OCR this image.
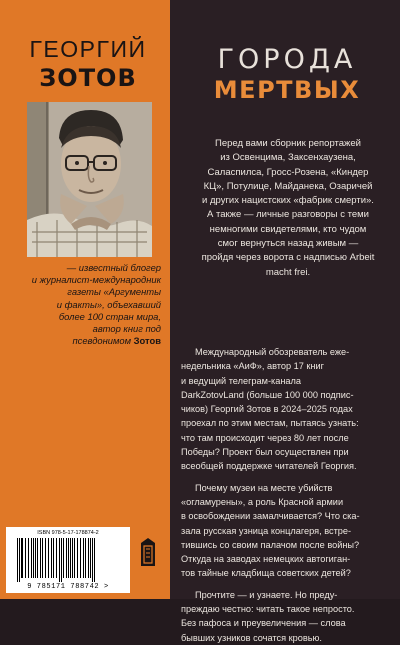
ГЕОРГИЙ
ЗОТОВ
— известный блогер
и журналист-международник
газеты «Аргументы
и факты», объехавший
более 100 стран мира,
автор книг под
псевдонимом Зотов
ISBN 978-5-17-178874-2
9 785171 788742 >
ГОРОДА
МЕРТВЫХ
Перед вами сборник репортажей
из Освенцима, Заксенхаузена,
Саласпилса, Гросс-Розена, «Киндер
КЦ», Потулице, Майданека, Озаричей
и других нацистских «фабрик смерти».
А также — личные разговоры с теми
немногими свидетелями, кто чудом
смог вернуться назад живым —
пройдя через ворота с надписью Arbeit
macht frei.
Международный обозреватель еже-
недельника «АиФ», автор 17 книг
и ведущий телеграм-канала
DarkZotovLand (больше 100 000 подпис-
чиков) Георгий Зотов в 2024–2025 годах
проехал по этим местам, пытаясь узнать:
что там происходит через 80 лет после
Победы? Проект был осуществлен при
всеобщей поддержке читателей Георгия.
Почему музеи на месте убийств
«огламурены», а роль Красной армии
в освобождении замалчивается? Что ска-
зала русская узница концлагеря, встре-
тившись со своим палачом после войны?
Откуда на заводах немецких автогиган-
тов тайные кладбища советских детей?
Прочтите — и узнаете. Но преду-
преждаю честно: читать такое непросто.
Без пафоса и преувеличения — слова
бывших узников сочатся кровью.
